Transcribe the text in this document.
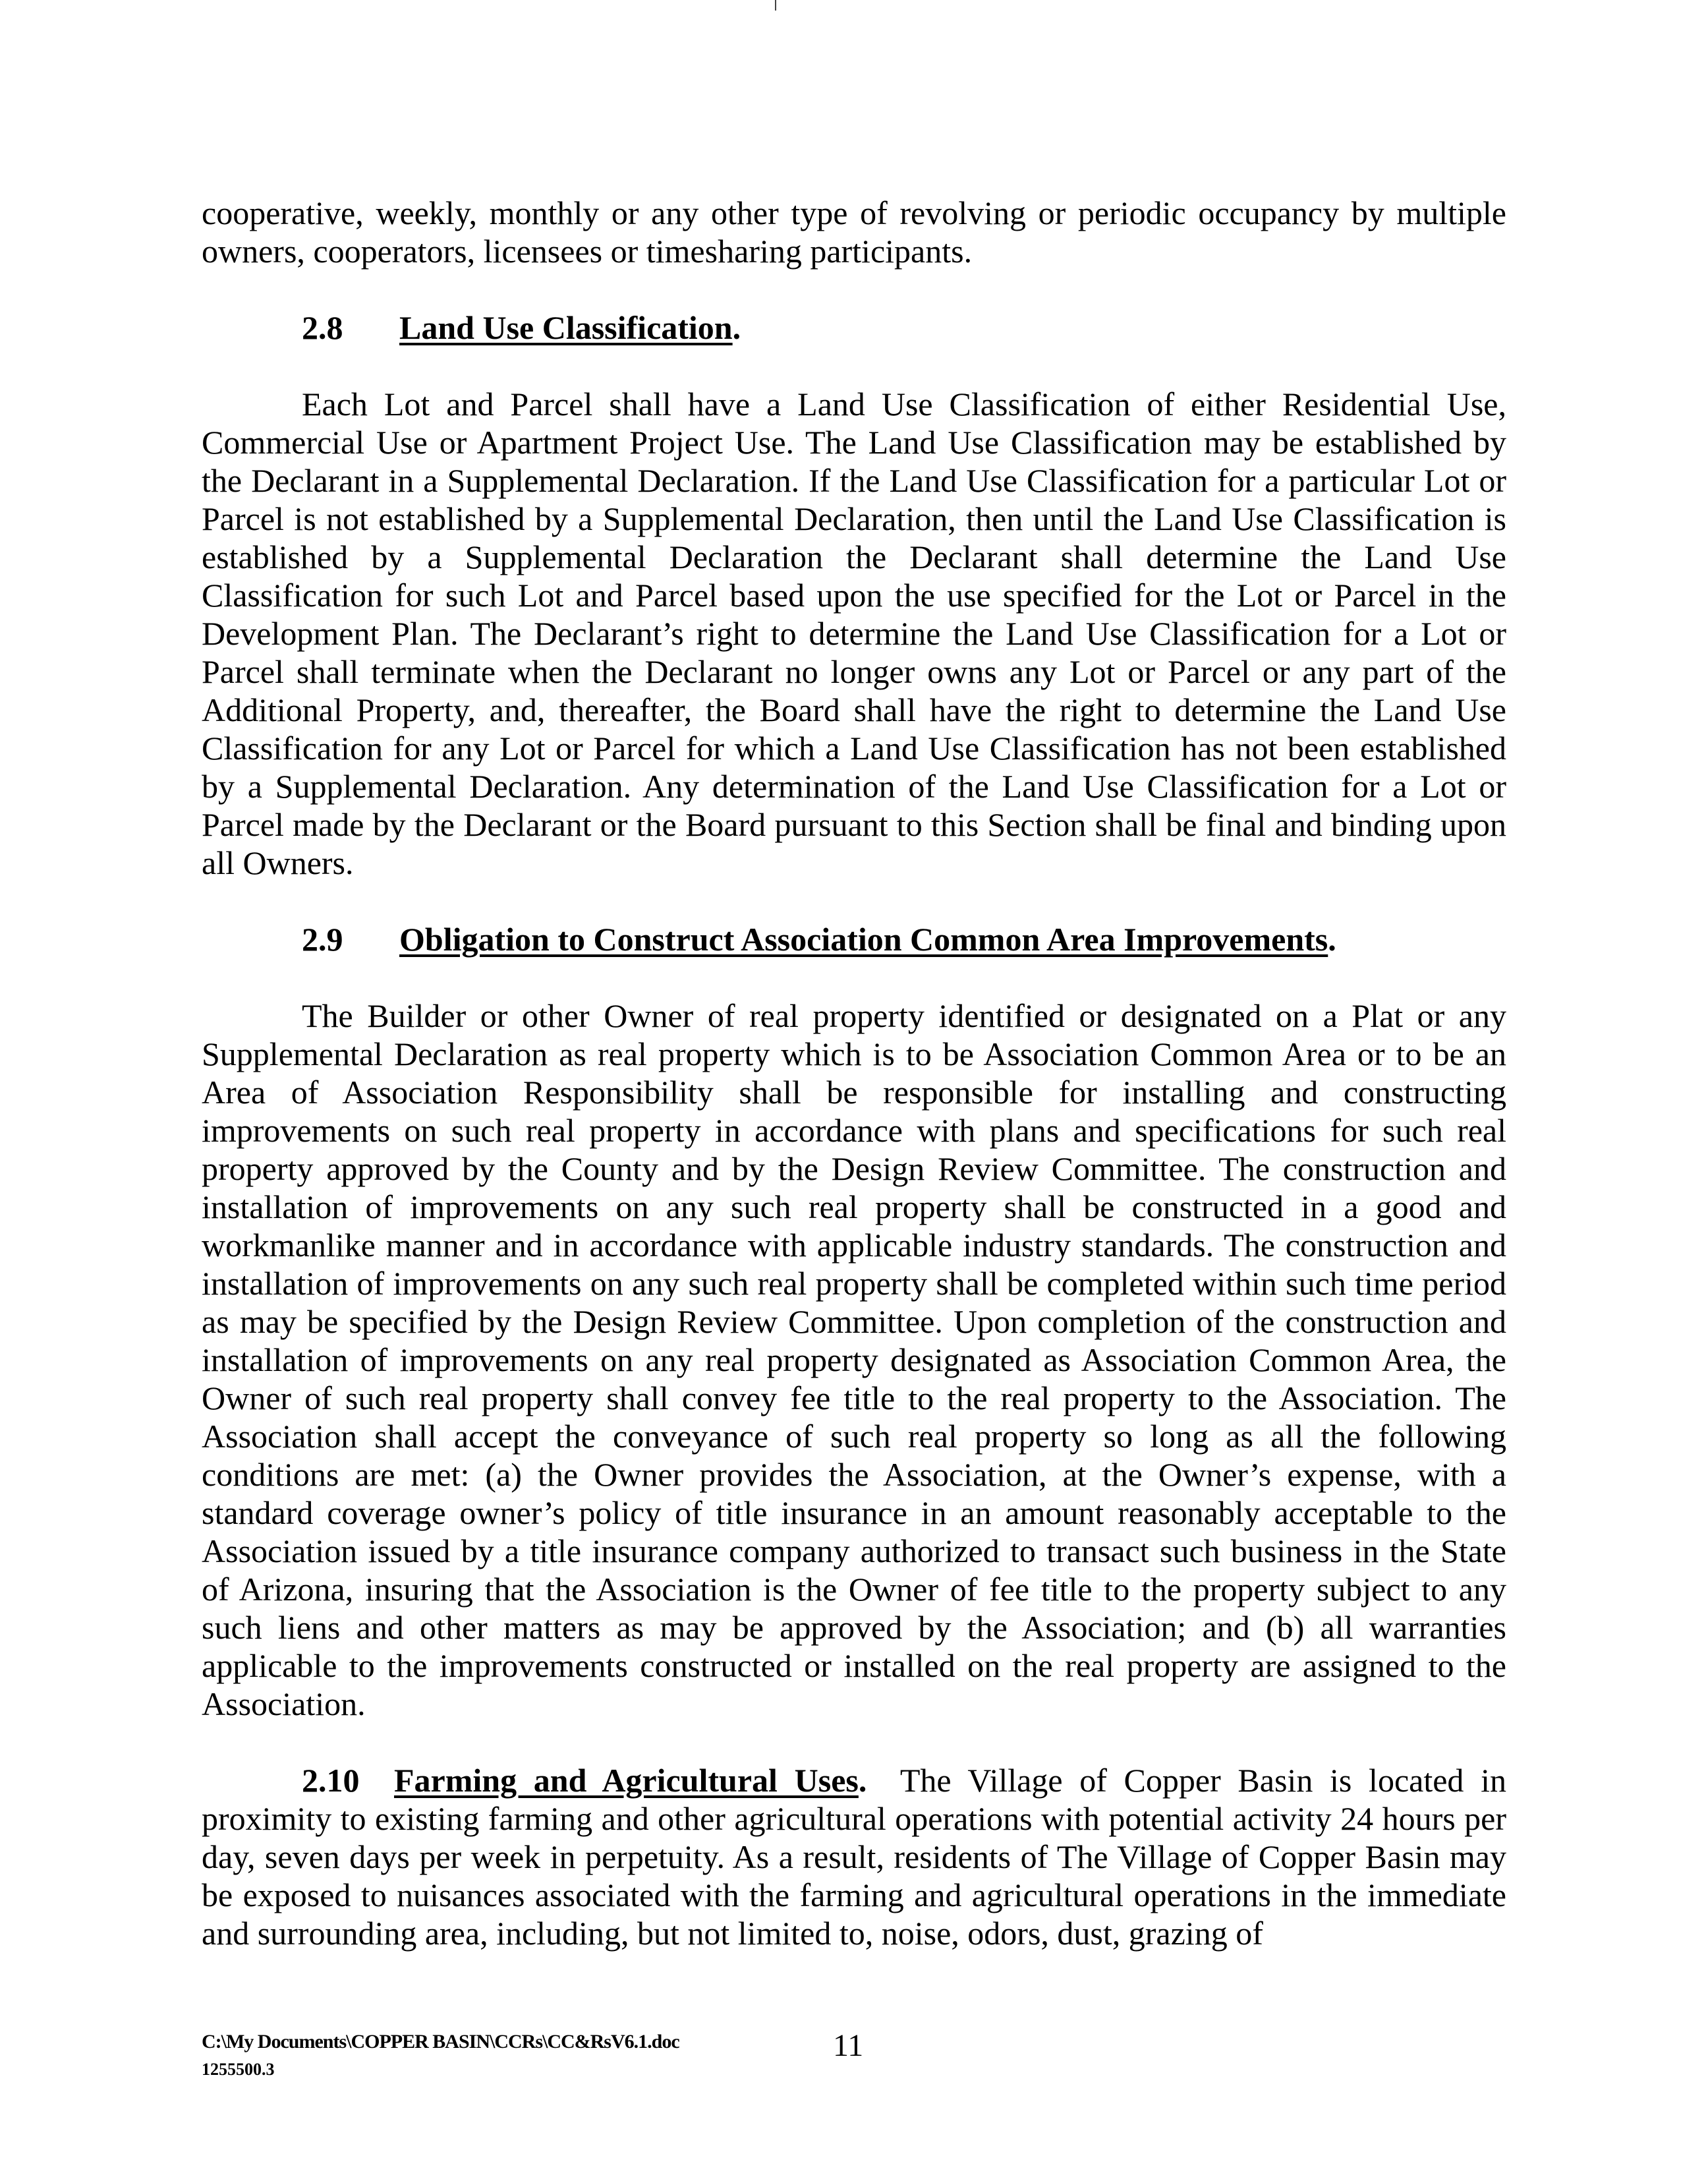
cooperative, weekly, monthly or any other type of revolving or periodic occupancy by multiple owners, cooperators, licensees or timesharing participants.

2.8 Land Use Classification.

Each Lot and Parcel shall have a Land Use Classification of either Residential Use, Commercial Use or Apartment Project Use. The Land Use Classification may be established by the Declarant in a Supplemental Declaration. If the Land Use Classification for a particular Lot or Parcel is not established by a Supplemental Declaration, then until the Land Use Classification is established by a Supplemental Declaration the Declarant shall determine the Land Use Classification for such Lot and Parcel based upon the use specified for the Lot or Parcel in the Development Plan. The Declarant’s right to determine the Land Use Classification for a Lot or Parcel shall terminate when the Declarant no longer owns any Lot or Parcel or any part of the Additional Property, and, thereafter, the Board shall have the right to determine the Land Use Classification for any Lot or Parcel for which a Land Use Classification has not been established by a Supplemental Declaration. Any determination of the Land Use Classification for a Lot or Parcel made by the Declarant or the Board pursuant to this Section shall be final and binding upon all Owners.

2.9 Obligation to Construct Association Common Area Improvements.

The Builder or other Owner of real property identified or designated on a Plat or any Supplemental Declaration as real property which is to be Association Common Area or to be an Area of Association Responsibility shall be responsible for installing and constructing improvements on such real property in accordance with plans and specifications for such real property approved by the County and by the Design Review Committee. The construction and installation of improvements on any such real property shall be constructed in a good and workmanlike manner and in accordance with applicable industry standards. The construction and installation of improvements on any such real property shall be completed within such time period as may be specified by the Design Review Committee. Upon completion of the construction and installation of improvements on any real property designated as Association Common Area, the Owner of such real property shall convey fee title to the real property to the Association. The Association shall accept the conveyance of such real property so long as all the following conditions are met: (a) the Owner provides the Association, at the Owner’s expense, with a standard coverage owner’s policy of title insurance in an amount reasonably acceptable to the Association issued by a title insurance company authorized to transact such business in the State of Arizona, insuring that the Association is the Owner of fee title to the property subject to any such liens and other matters as may be approved by the Association; and (b) all warranties applicable to the improvements constructed or installed on the real property are assigned to the Association.

2.10 Farming and Agricultural Uses. The Village of Copper Basin is located in proximity to existing farming and other agricultural operations with potential activity 24 hours per day, seven days per week in perpetuity. As a result, residents of The Village of Copper Basin may be exposed to nuisances associated with the farming and agricultural operations in the immediate and surrounding area, including, but not limited to, noise, odors, dust, grazing of

C:\My Documents\COPPER BASIN\CCRs\CC&RsV6.1.doc
1255500.3
11
